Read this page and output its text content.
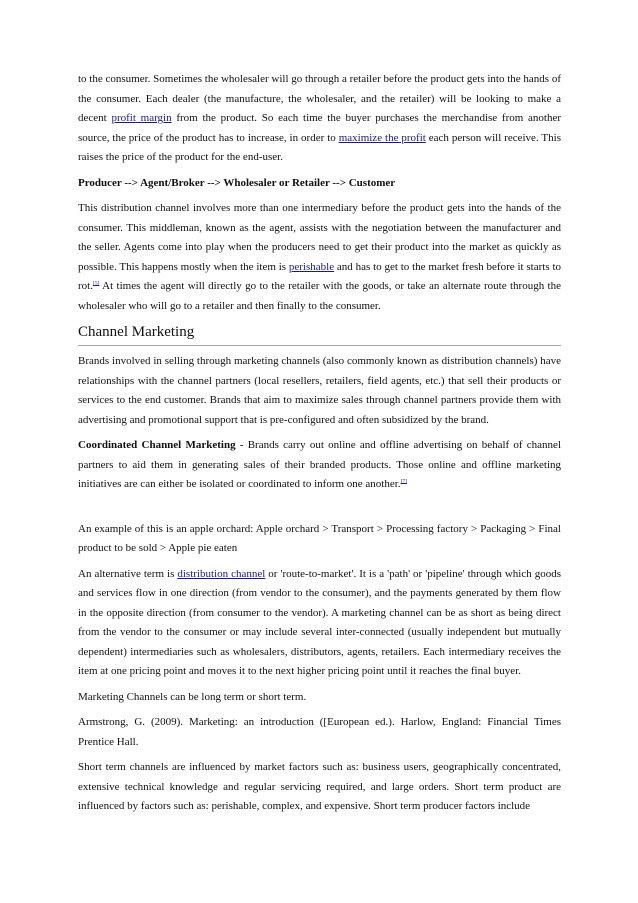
to the consumer. Sometimes the wholesaler will go through a retailer before the product gets into the hands of the consumer. Each dealer (the manufacture, the wholesaler, and the retailer) will be looking to make a decent profit margin from the product. So each time the buyer purchases the merchandise from another source, the price of the product has to increase, in order to maximize the profit each person will receive. This raises the price of the product for the end-user.

Producer --> Agent/Broker --> Wholesaler or Retailer --> Customer

This distribution channel involves more than one intermediary before the product gets into the hands of the consumer. This middleman, known as the agent, assists with the negotiation between the manufacturer and the seller. Agents come into play when the producers need to get their product into the market as quickly as possible. This happens mostly when the item is perishable and has to get to the market fresh before it starts to rot.[5] At times the agent will directly go to the retailer with the goods, or take an alternate route through the wholesaler who will go to a retailer and then finally to the consumer.

Channel Marketing

Brands involved in selling through marketing channels (also commonly known as distribution channels) have relationships with the channel partners (local resellers, retailers, field agents, etc.) that sell their products or services to the end customer. Brands that aim to maximize sales through channel partners provide them with advertising and promotional support that is pre-configured and often subsidized by the brand.

Coordinated Channel Marketing - Brands carry out online and offline advertising on behalf of channel partners to aid them in generating sales of their branded products. Those online and offline marketing initiatives are can either be isolated or coordinated to inform one another.[7]

An example of this is an apple orchard: Apple orchard > Transport > Processing factory > Packaging > Final product to be sold > Apple pie eaten

An alternative term is distribution channel or 'route-to-market'. It is a 'path' or 'pipeline' through which goods and services flow in one direction (from vendor to the consumer), and the payments generated by them flow in the opposite direction (from consumer to the vendor). A marketing channel can be as short as being direct from the vendor to the consumer or may include several inter-connected (usually independent but mutually dependent) intermediaries such as wholesalers, distributors, agents, retailers. Each intermediary receives the item at one pricing point and moves it to the next higher pricing point until it reaches the final buyer.

Marketing Channels can be long term or short term.

Armstrong, G. (2009). Marketing: an introduction ([European ed.). Harlow, England: Financial Times Prentice Hall.

Short term channels are influenced by market factors such as: business users, geographically concentrated, extensive technical knowledge and regular servicing required, and large orders. Short term product are influenced by factors such as: perishable, complex, and expensive. Short term producer factors include
